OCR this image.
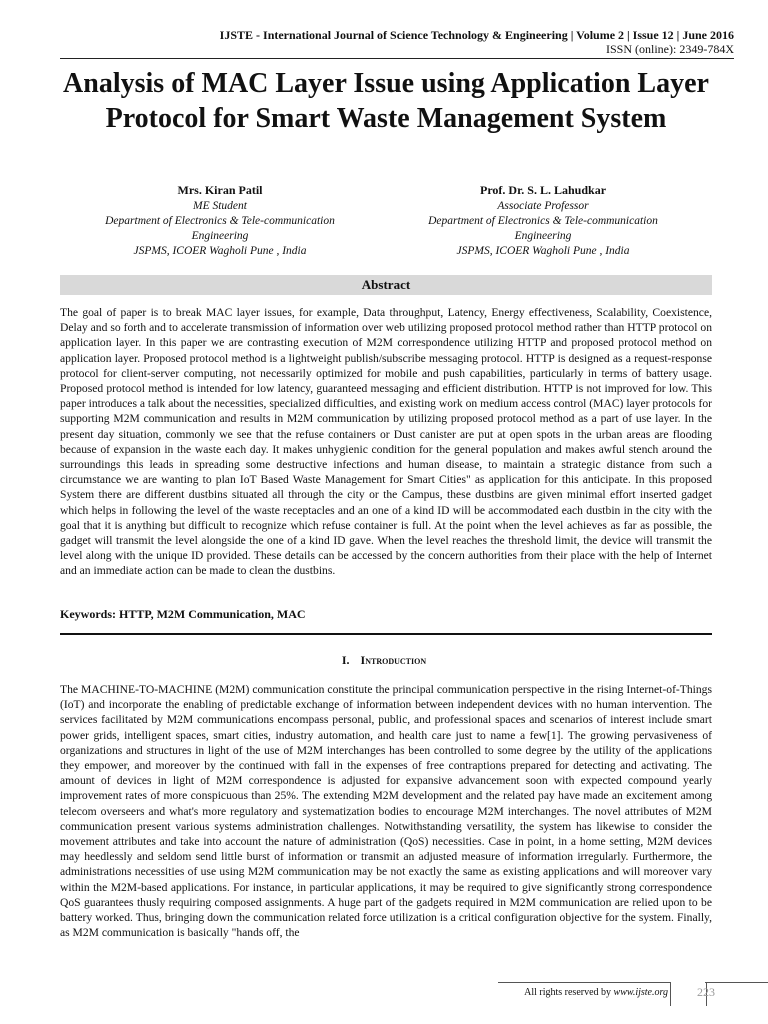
IJSTE - International Journal of Science Technology & Engineering | Volume 2 | Issue 12 | June 2016
ISSN (online): 2349-784X
Analysis of MAC Layer Issue using Application Layer Protocol for Smart Waste Management System
Mrs. Kiran Patil
ME Student
Department of Electronics & Tele-communication
Engineering
JSPMS, ICOER Wagholi Pune , India
Prof. Dr. S. L. Lahudkar
Associate Professor
Department of Electronics & Tele-communication
Engineering
JSPMS, ICOER Wagholi Pune , India
Abstract
The goal of paper is to break MAC layer issues, for example, Data throughput, Latency, Energy effectiveness, Scalability, Coexistence, Delay and so forth and to accelerate transmission of information over web utilizing proposed protocol method rather than HTTP protocol on application layer. In this paper we are contrasting execution of M2M correspondence utilizing HTTP and proposed protocol method on application layer. Proposed protocol method is a lightweight publish/subscribe messaging protocol. HTTP is designed as a request-response protocol for client-server computing, not necessarily optimized for mobile and push capabilities, particularly in terms of battery usage. Proposed protocol method is intended for low latency, guaranteed messaging and efficient distribution. HTTP is not improved for low. This paper introduces a talk about the necessities, specialized difficulties, and existing work on medium access control (MAC) layer protocols for supporting M2M communication and results in M2M communication by utilizing proposed protocol method as a part of use layer. In the present day situation, commonly we see that the refuse containers or Dust canister are put at open spots in the urban areas are flooding because of expansion in the waste each day. It makes unhygienic condition for the general population and makes awful stench around the surroundings this leads in spreading some destructive infections and human disease, to maintain a strategic distance from such a circumstance we are wanting to plan IoT Based Waste Management for Smart Cities" as application for this anticipate. In this proposed System there are different dustbins situated all through the city or the Campus, these dustbins are given minimal effort inserted gadget which helps in following the level of the waste receptacles and an one of a kind ID will be accommodated each dustbin in the city with the goal that it is anything but difficult to recognize which refuse container is full. At the point when the level achieves as far as possible, the gadget will transmit the level alongside the one of a kind ID gave. When the level reaches the threshold limit, the device will transmit the level along with the unique ID provided. These details can be accessed by the concern authorities from their place with the help of Internet and an immediate action can be made to clean the dustbins.
Keywords: HTTP, M2M Communication, MAC
I. Introduction
The MACHINE-TO-MACHINE (M2M) communication constitute the principal communication perspective in the rising Internet-of-Things (IoT) and incorporate the enabling of predictable exchange of information between independent devices with no human intervention. The services facilitated by M2M communications encompass personal, public, and professional spaces and scenarios of interest include smart power grids, intelligent spaces, smart cities, industry automation, and health care just to name a few[1]. The growing pervasiveness of organizations and structures in light of the use of M2M interchanges has been controlled to some degree by the utility of the applications they empower, and moreover by the continued with fall in the expenses of free contraptions prepared for detecting and activating. The amount of devices in light of M2M correspondence is adjusted for expansive advancement soon with expected compound yearly improvement rates of more conspicuous than 25%. The extending M2M development and the related pay have made an excitement among telecom overseers and what's more regulatory and systematization bodies to encourage M2M interchanges. The novel attributes of M2M communication present various systems administration challenges. Notwithstanding versatility, the system has likewise to consider the movement attributes and take into account the nature of administration (QoS) necessities. Case in point, in a home setting, M2M devices may heedlessly and seldom send little burst of information or transmit an adjusted measure of information irregularly. Furthermore, the administrations necessities of use using M2M communication may be not exactly the same as existing applications and will moreover vary within the M2M-based applications. For instance, in particular applications, it may be required to give significantly strong correspondence QoS guarantees thusly requiring composed assignments. A huge part of the gadgets required in M2M communication are relied upon to be battery worked. Thus, bringing down the communication related force utilization is a critical configuration objective for the system. Finally, as M2M communication is basically "hands off, the
All rights reserved by www.ijste.org	223
